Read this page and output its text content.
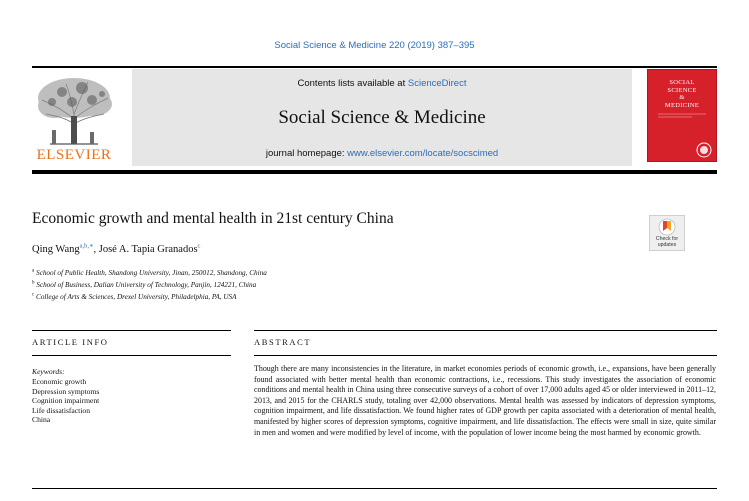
Social Science & Medicine 220 (2019) 387–395
ELSEVIER
Contents lists available at ScienceDirect
Social Science & Medicine
journal homepage: www.elsevier.com/locate/socscimed
SOCIAL
SCIENCE
&
MEDICINE
Economic growth and mental health in 21st century China
Check for updates
Qing Wang$^{a,b,∗}$, José A. Tapia Granados$^c$
$^a$ School of Public Health, Shandong University, Jinan, 250012, Shandong, China
$^b$ School of Business, Dalian University of Technology, Panjin, 124221, China
$^c$ College of Arts & Sciences, Drexel University, Philadelphia, PA, USA
ARTICLE INFO
Keywords:
Economic growth
Depression symptoms
Cognition impairment
Life dissatisfaction
China
ABSTRACT
Though there are many inconsistencies in the literature, in market economies periods of economic growth, i.e., expansions, have been generally found associated with better mental health than economic contractions, i.e., recessions. This study investigates the association of economic conditions and mental health in China using three consecutive surveys of a cohort of over 17,000 adults aged 45 or older interviewed in 2011–12, 2013, and 2015 for the CHARLS study, totaling over 42,000 observations. Mental health was assessed by indicators of depression symptoms, cognition impairment, and life dissatisfaction. We found higher rates of GDP growth per capita associated with a deterioration of mental health, manifested by higher scores of depression symptoms, cognitive impairment, and life dissatisfaction. The effects were small in size, quite similar in men and women and were modified by level of income, with the population of lower income being the most harmed by economic growth.
